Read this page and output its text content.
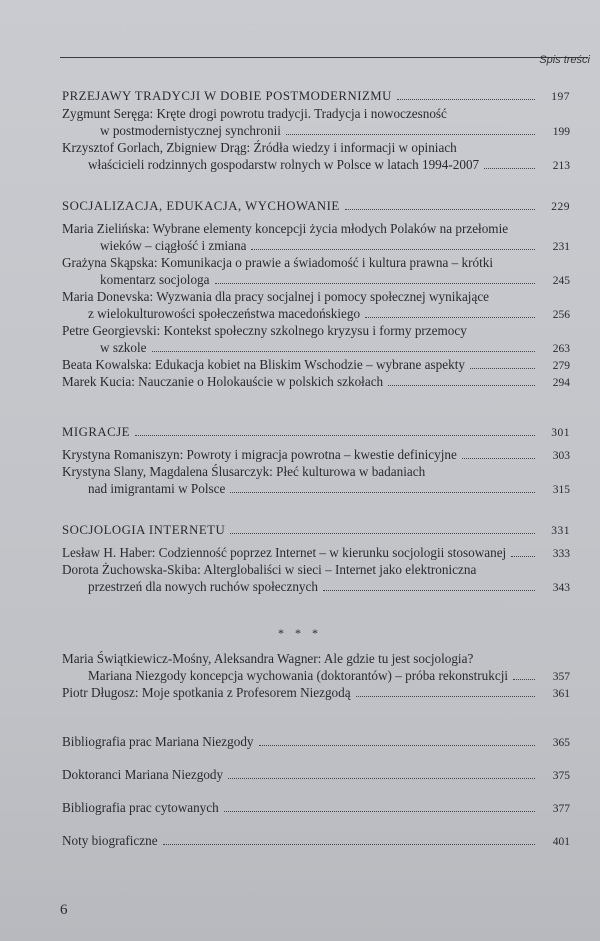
Spis treści
PRZEJAWY TRADYCJI W DOBIE POSTMODERNIZMU	197
Zygmunt Seręga: Kręte drogi powrotu tradycji. Tradycja i nowoczesność
w postmodernistycznej synchronii	199
Krzysztof Gorlach, Zbigniew Drąg: Źródła wiedzy i informacji w opiniach
właścicieli rodzinnych gospodarstw rolnych w Polsce w latach 1994-2007	213
SOCJALIZACJA, EDUKACJA, WYCHOWANIE	229
Maria Zielińska: Wybrane elementy koncepcji życia młodych Polaków na przełomie
wieków – ciągłość i zmiana	231
Grażyna Skąpska: Komunikacja o prawie a świadomość i kultura prawna – krótki
komentarz socjologa	245
Maria Donevska: Wyzwania dla pracy socjalnej i pomocy społecznej wynikające
z wielokulturowości społeczeństwa macedońskiego	256
Petre Georgievski: Kontekst społeczny szkolnego kryzysu i formy przemocy
w szkole	263
Beata Kowalska: Edukacja kobiet na Bliskim Wschodzie – wybrane aspekty	279
Marek Kucia: Nauczanie o Holokauście w polskich szkołach	294
MIGRACJE	301
Krystyna Romaniszyn: Powroty i migracja powrotna – kwestie definicyjne	303
Krystyna Slany, Magdalena Ślusarczyk: Płeć kulturowa w badaniach
nad imigrantami w Polsce	315
SOCJOLOGIA INTERNETU	331
Lesław H. Haber: Codzienność poprzez Internet – w kierunku socjologii stosowanej	333
Dorota Żuchowska-Skiba: Alterglobaliści w sieci – Internet jako elektroniczna
przestrzeń dla nowych ruchów społecznych	343
* * *
Maria Świątkiewicz-Mośny, Aleksandra Wagner: Ale gdzie tu jest socjologia?
Mariana Niezgody koncepcja wychowania (doktorantów) – próba rekonstrukcji	357
Piotr Długosz: Moje spotkania z Profesorem Niezgodą	361
Bibliografia prac Mariana Niezgody	365
Doktoranci Mariana Niezgody	375
Bibliografia prac cytowanych	377
Noty biograficzne	401
6
